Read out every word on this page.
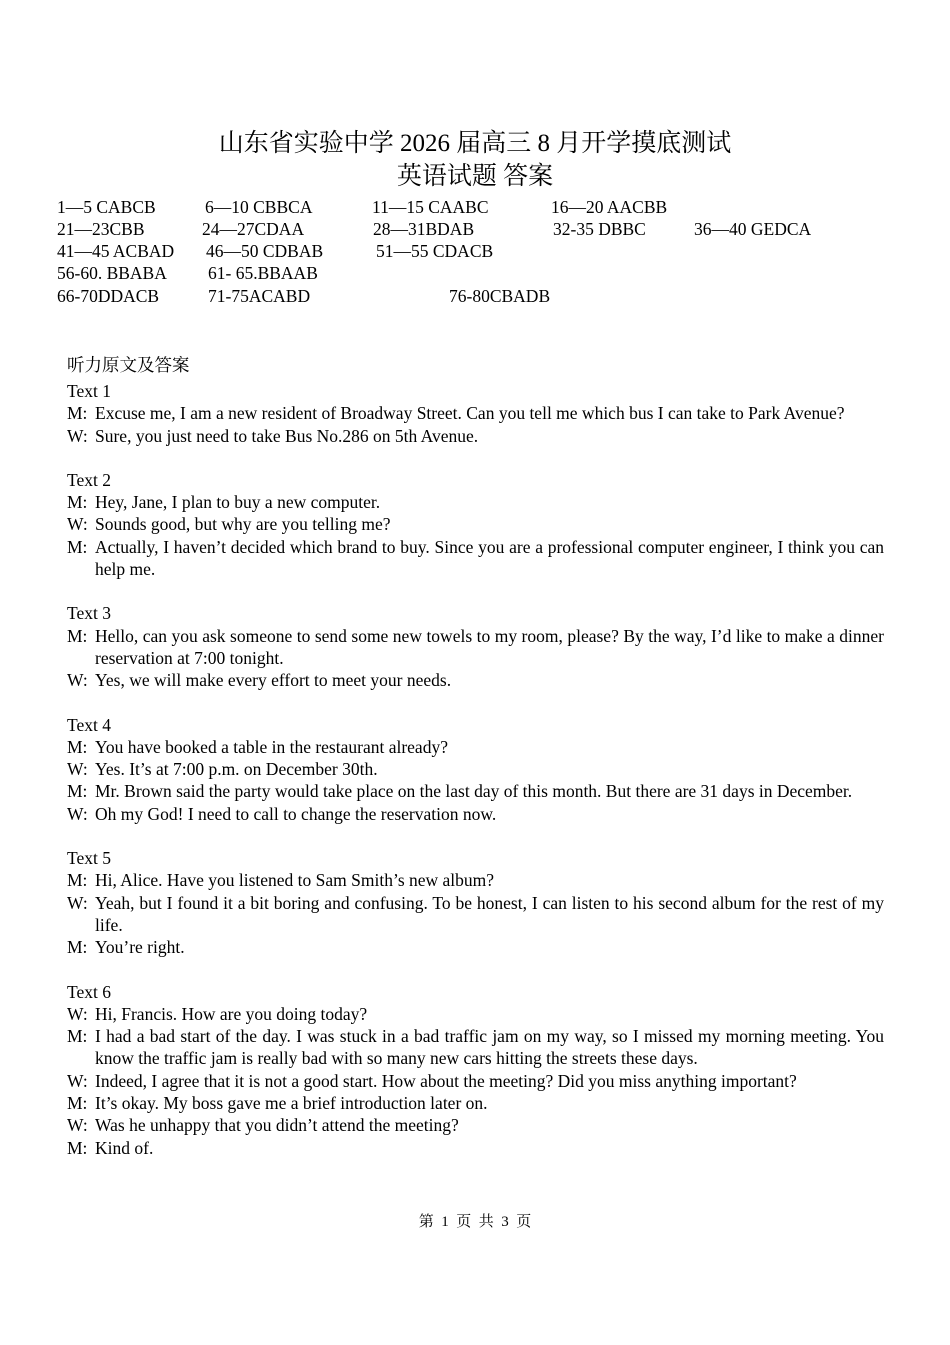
山东省实验中学 2026 届高三 8 月开学摸底测试
英语试题 答案
1—5 CABCB	6—10 CBBCA	11—15 CAABC	16—20 AACBB
21—23CBB	24—27CDAA	28—31BDAB	32-35 DBBC	36—40 GEDCA
41—45 ACBAD 46—50 CDBAB	51—55 CDACB
56-60. BBABA 61- 65.BBAAB
66-70DDACB	71-75ACABD	76-80CBADB
听力原文及答案
Text 1
M: Excuse me, I am a new resident of Broadway Street. Can you tell me which bus I can take to Park Avenue?
W: Sure, you just need to take Bus No.286 on 5th Avenue.
Text 2
M: Hey, Jane, I plan to buy a new computer.
W: Sounds good, but why are you telling me?
M: Actually, I haven’t decided which brand to buy. Since you are a professional computer engineer, I think you can help me.
Text 3
M: Hello, can you ask someone to send some new towels to my room, please? By the way, I’d like to make a dinner reservation at 7:00 tonight.
W: Yes, we will make every effort to meet your needs.
Text 4
M: You have booked a table in the restaurant already?
W: Yes. It’s at 7:00 p.m. on December 30th.
M: Mr. Brown said the party would take place on the last day of this month. But there are 31 days in December.
W: Oh my God! I need to call to change the reservation now.
Text 5
M: Hi, Alice. Have you listened to Sam Smith’s new album?
W: Yeah, but I found it a bit boring and confusing. To be honest, I can listen to his second album for the rest of my life.
M: You’re right.
Text 6
W: Hi, Francis. How are you doing today?
M: I had a bad start of the day. I was stuck in a bad traffic jam on my way, so I missed my morning meeting. You know the traffic jam is really bad with so many new cars hitting the streets these days.
W: Indeed, I agree that it is not a good start. How about the meeting? Did you miss anything important?
M: It’s okay. My boss gave me a brief introduction later on.
W: Was he unhappy that you didn’t attend the meeting?
M: Kind of.
第  1  页  共  3  页
